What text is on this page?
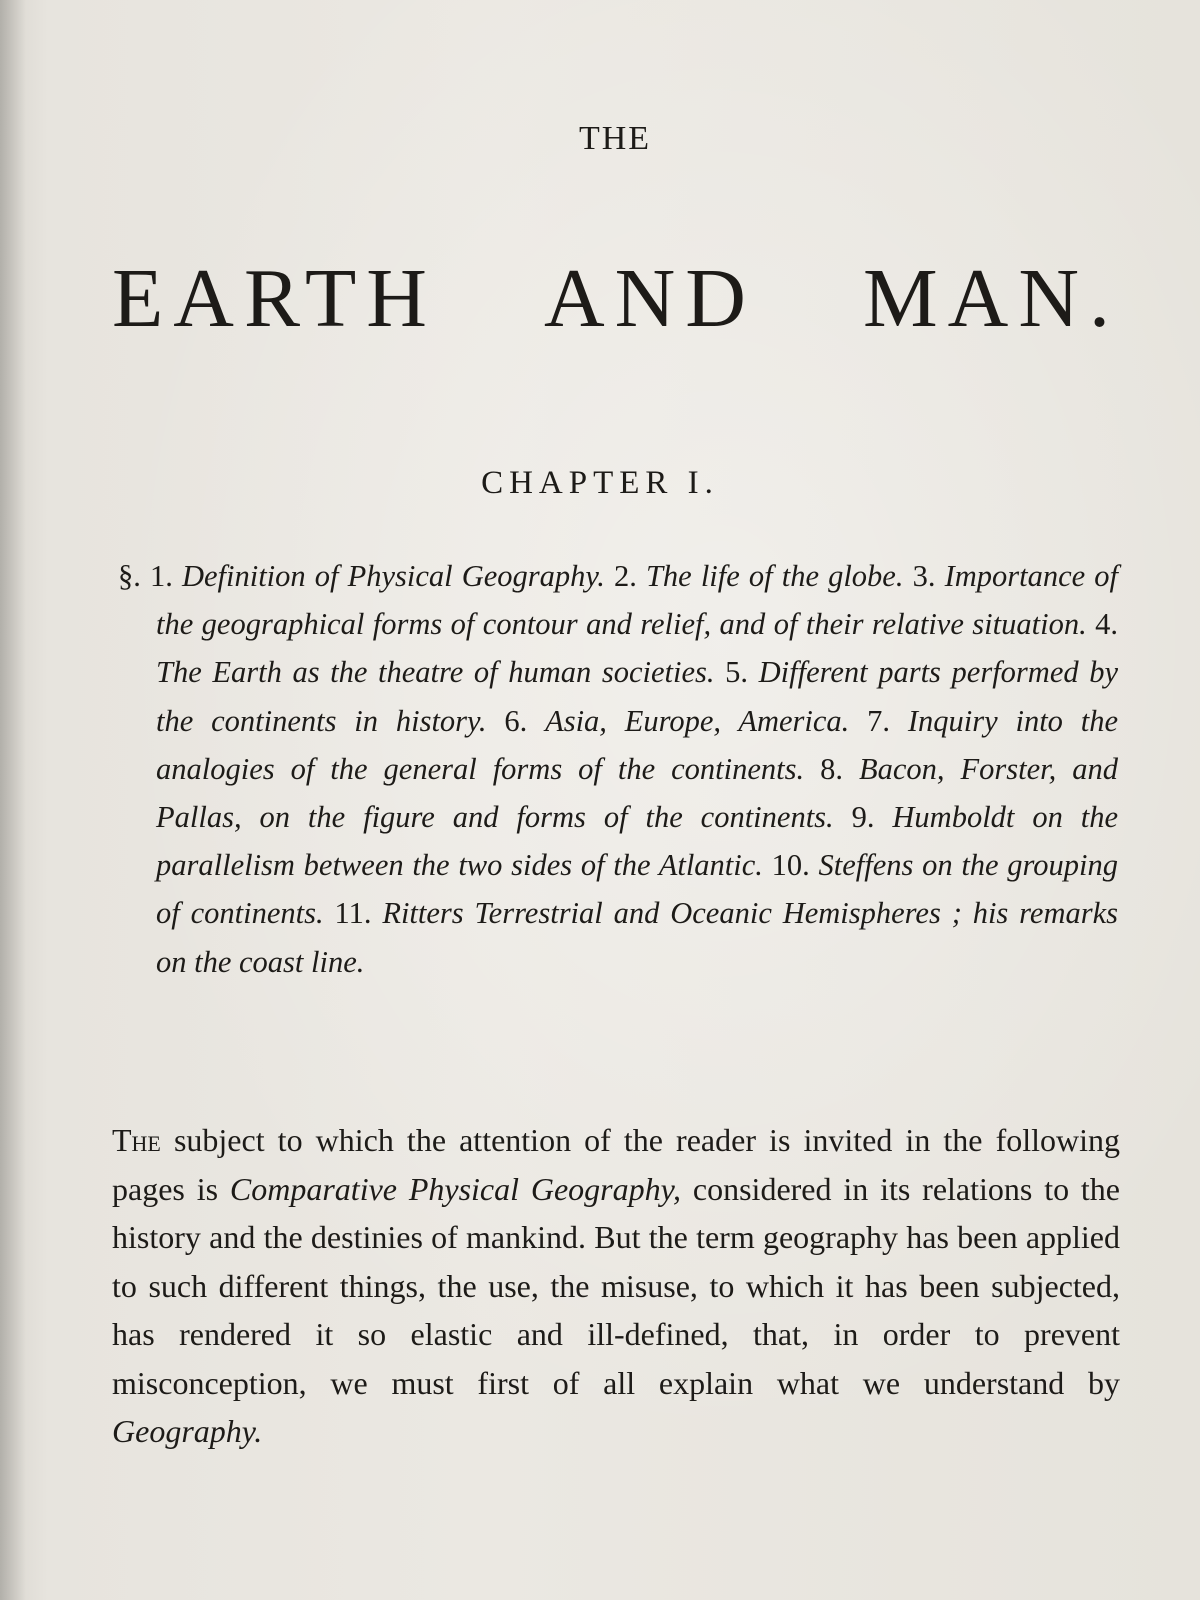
THE
EARTH AND MAN.
CHAPTER I.
§. 1. Definition of Physical Geography. 2. The life of the globe. 3. Importance of the geographical forms of contour and relief, and of their relative situation. 4. The Earth as the theatre of human societies. 5. Different parts performed by the continents in history. 6. Asia, Europe, America. 7. Inquiry into the analogies of the general forms of the continents. 8. Bacon, Forster, and Pallas, on the figure and forms of the continents. 9. Humboldt on the parallelism between the two sides of the Atlantic. 10. Steffens on the grouping of continents. 11. Ritters Terrestrial and Oceanic Hemispheres ; his remarks on the coast line.
The subject to which the attention of the reader is invited in the following pages is Comparative Physical Geography, considered in its relations to the history and the destinies of mankind. But the term geography has been applied to such different things, the use, the misuse, to which it has been subjected, has rendered it so elastic and ill-defined, that, in order to prevent misconception, we must first of all explain what we understand by Geography.
